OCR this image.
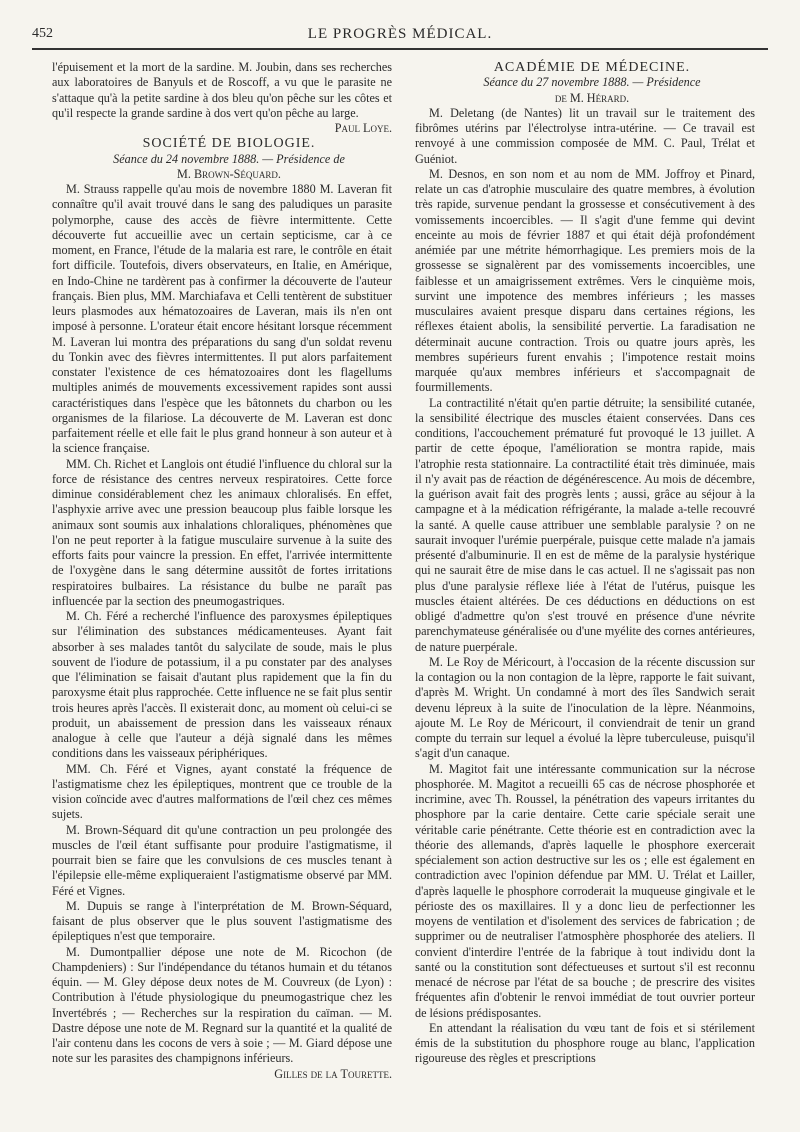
452	LE PROGRÈS MÉDICAL.

l'épuisement et la mort de la sardine. M. Joubin, dans ses recherches aux laboratoires de Banyuls et de Roscoff, a vu que le parasite ne s'attaque qu'à la petite sardine à dos bleu qu'on pêche sur les côtes et qu'il respecte la grande sardine à dos vert qu'on pêche au large.

Paul Loye.

SOCIÉTÉ DE BIOLOGIE.

Séance du 24 novembre 1888. — Présidence de

M. Brown-Séquard.

M. Strauss rappelle qu'au mois de novembre 1880 M. Laveran fit connaître qu'il avait trouvé dans le sang des paludiques un parasite polymorphe, cause des accès de fièvre intermittente. Cette découverte fut accueillie avec un certain septicisme, car à ce moment, en France, l'étude de la malaria est rare, le contrôle en était fort difficile. Toutefois, divers observateurs, en Italie, en Amérique, en Indo-Chine ne tardèrent pas à confirmer la découverte de l'auteur français. Bien plus, MM. Marchiafava et Celli tentèrent de substituer leurs plasmodes aux hématozoaires de Laveran, mais ils n'en ont imposé à personne. L'orateur était encore hésitant lorsque récemment M. Laveran lui montra des préparations du sang d'un soldat revenu du Tonkin avec des fièvres intermittentes. Il put alors parfaitement constater l'existence de ces hématozoaires dont les flagellums multiples animés de mouvements excessivement rapides sont aussi caractéristiques dans l'espèce que les bâtonnets du charbon ou les organismes de la filariose. La découverte de M. Laveran est donc parfaitement réelle et elle fait le plus grand honneur à son auteur et à la science française.

MM. Ch. Richet et Langlois ont étudié l'influence du chloral sur la force de résistance des centres nerveux respiratoires. Cette force diminue considérablement chez les animaux chloralisés. En effet, l'asphyxie arrive avec une pression beaucoup plus faible lorsque les animaux sont soumis aux inhalations chloraliques, phénomènes que l'on ne peut reporter à la fatigue musculaire survenue à la suite des efforts faits pour vaincre la pression. En effet, l'arrivée intermittente de l'oxygène dans le sang détermine aussitôt de fortes irritations respiratoires bulbaires. La résistance du bulbe ne paraît pas influencée par la section des pneumogastriques.

M. Ch. Féré a recherché l'influence des paroxysmes épileptiques sur l'élimination des substances médicamenteuses. Ayant fait absorber à ses malades tantôt du salycilate de soude, mais le plus souvent de l'iodure de potassium, il a pu constater par des analyses que l'élimination se faisait d'autant plus rapidement que la fin du paroxysme était plus rapprochée. Cette influence ne se fait plus sentir trois heures après l'accès. Il existerait donc, au moment où celui-ci se produit, un abaissement de pression dans les vaisseaux rénaux analogue à celle que l'auteur a déjà signalé dans les mêmes conditions dans les vaisseaux périphériques.

MM. Ch. Féré et Vignes, ayant constaté la fréquence de l'astigmatisme chez les épileptiques, montrent que ce trouble de la vision coïncide avec d'autres malformations de l'œil chez ces mêmes sujets.

M. Brown-Séquard dit qu'une contraction un peu prolongée des muscles de l'œil étant suffisante pour produire l'astigmatisme, il pourrait bien se faire que les convulsions de ces muscles tenant à l'épilepsie elle-même expliqueraient l'astigmatisme observé par MM. Féré et Vignes.

M. Dupuis se range à l'interprétation de M. Brown-Séquard, faisant de plus observer que le plus souvent l'astigmatisme des épileptiques n'est que temporaire.

M. Dumontpallier dépose une note de M. Ricochon (de Champdeniers) : Sur l'indépendance du tétanos humain et du tétanos équin. — M. Gley dépose deux notes de M. Couvreux (de Lyon) : Contribution à l'étude physiologique du pneumogastrique chez les Invertébrés ; — Recherches sur la respiration du caïman. — M. Dastre dépose une note de M. Regnard sur la quantité et la qualité de l'air contenu dans les cocons de vers à soie ; — M. Giard dépose une note sur les parasites des champignons inférieurs.

Gilles de la Tourette.

ACADÉMIE DE MÉDECINE.

Séance du 27 novembre 1888. — Présidence

de M. Hérard.

M. Deletang (de Nantes) lit un travail sur le traitement des fibrômes utérins par l'électrolyse intra-utérine. — Ce travail est renvoyé à une commission composée de MM. C. Paul, Trélat et Guéniot.

M. Desnos, en son nom et au nom de MM. Joffroy et Pinard, relate un cas d'atrophie musculaire des quatre membres, à évolution très rapide, survenue pendant la grossesse et consécutivement à des vomissements incoercibles. — Il s'agit d'une femme qui devint enceinte au mois de février 1887 et qui était déjà profondément anémiée par une métrite hémorrhagique. Les premiers mois de la grossesse se signalèrent par des vomissements incoercibles, une faiblesse et un amaigrissement extrêmes. Vers le cinquième mois, survint une impotence des membres inférieurs ; les masses musculaires avaient presque disparu dans certaines régions, les réflexes étaient abolis, la sensibilité pervertie. La faradisation ne déterminait aucune contraction. Trois ou quatre jours après, les membres supérieurs furent envahis ; l'impotence restait moins marquée qu'aux membres inférieurs et s'accompagnait de fourmillements.

La contractilité n'était qu'en partie détruite; la sensibilité cutanée, la sensibilité électrique des muscles étaient conservées. Dans ces conditions, l'accouchement prématuré fut provoqué le 13 juillet. A partir de cette époque, l'amélioration se montra rapide, mais l'atrophie resta stationnaire. La contractilité était très diminuée, mais il n'y avait pas de réaction de dégénérescence. Au mois de décembre, la guérison avait fait des progrès lents ; aussi, grâce au séjour à la campagne et à la médication réfrigérante, la malade a-telle recouvré la santé. A quelle cause attribuer une semblable paralysie ? on ne saurait invoquer l'urémie puerpérale, puisque cette malade n'a jamais présenté d'albuminurie. Il en est de même de la paralysie hystérique qui ne saurait être de mise dans le cas actuel. Il ne s'agissait pas non plus d'une paralysie réflexe liée à l'état de l'utérus, puisque les muscles étaient altérées. De ces déductions en déductions on est obligé d'admettre qu'on s'est trouvé en présence d'une névrite parenchymateuse généralisée ou d'une myélite des cornes antérieures, de nature puerpérale.

M. Le Roy de Méricourt, à l'occasion de la récente discussion sur la contagion ou la non contagion de la lèpre, rapporte le fait suivant, d'après M. Wright. Un condamné à mort des îles Sandwich serait devenu lépreux à la suite de l'inoculation de la lèpre. Néanmoins, ajoute M. Le Roy de Méricourt, il conviendrait de tenir un grand compte du terrain sur lequel a évolué la lèpre tuberculeuse, puisqu'il s'agit d'un canaque.

M. Magitot fait une intéressante communication sur la nécrose phosphorée. M. Magitot a recueilli 65 cas de nécrose phosphorée et incrimine, avec Th. Roussel, la pénétration des vapeurs irritantes du phosphore par la carie dentaire. Cette carie spéciale serait une véritable carie pénétrante. Cette théorie est en contradiction avec la théorie des allemands, d'après laquelle le phosphore exercerait spécialement son action destructive sur les os ; elle est également en contradiction avec l'opinion défendue par MM. U. Trélat et Lailler, d'après laquelle le phosphore corroderait la muqueuse gingivale et le périoste des os maxillaires. Il y a donc lieu de perfectionner les moyens de ventilation et d'isolement des services de fabrication ; de supprimer ou de neutraliser l'atmosphère phosphorée des ateliers. Il convient d'interdire l'entrée de la fabrique à tout individu dont la santé ou la constitution sont défectueuses et surtout s'il est reconnu menacé de nécrose par l'état de sa bouche ; de prescrire des visites fréquentes afin d'obtenir le renvoi immédiat de tout ouvrier porteur de lésions prédisposantes.

En attendant la réalisation du vœu tant de fois et si stérilement émis de la substitution du phosphore rouge au blanc, l'application rigoureuse des règles et prescriptions
